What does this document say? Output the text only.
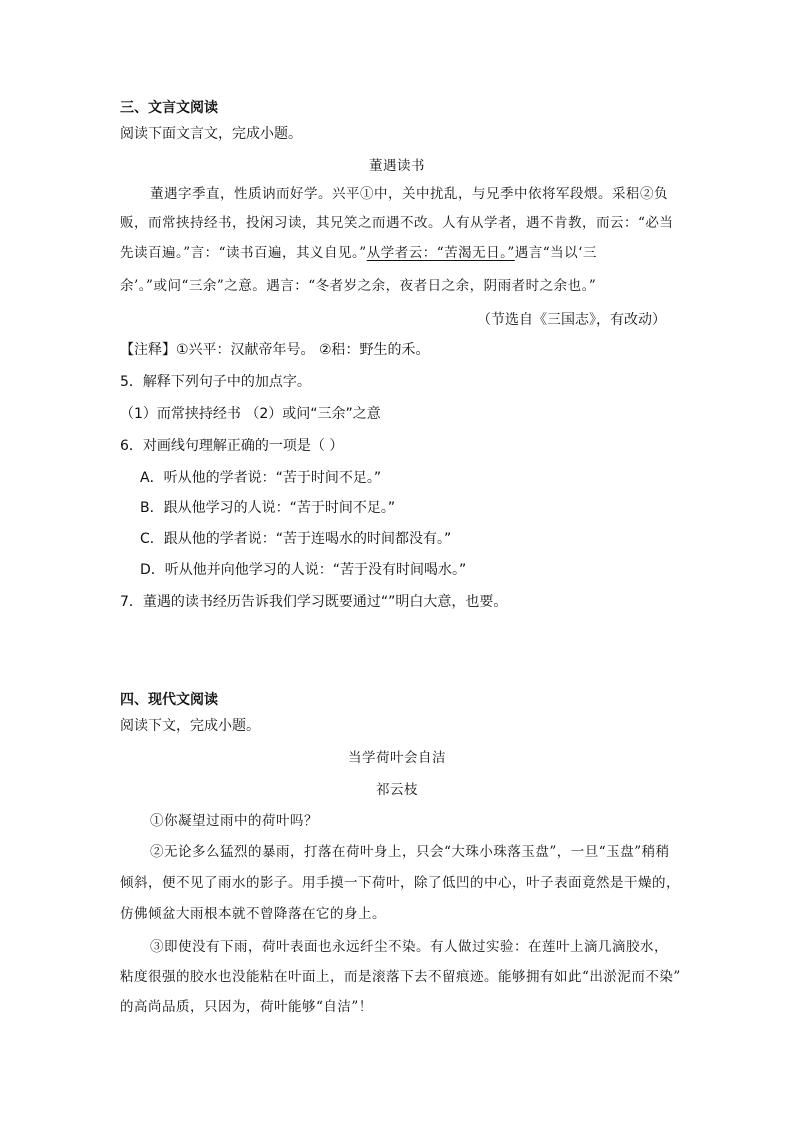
三、文言文阅读
阅读下面文言文，完成小题。
董遇读书
董遇字季直，性质讷而好学。兴平①中，关中扰乱，与兄季中依将军段煨。采稆②负
贩，而常挟持经书，投闲习读，其兄笑之而遇不改。人有从学者，遇不肯教，而云：“必当
先读百遍。”言：“读书百遍，其义自见。”从学者云：“苦渴无日。”遇言“当以‘三
余’。”或问“三余”之意。遇言：“冬者岁之余，夜者日之余，阴雨者时之余也。”
（节选自《三国志》，有改动）
【注释】①兴平：汉献帝年号。 ②稆：野生的禾。
5．解释下列句子中的加点字。
（1）而常挟持经书 （2）或问“三余”之意
6．对画线句理解正确的一项是（ ）
A．听从他的学者说：“苦于时间不足。”
B．跟从他学习的人说：“苦于时间不足。”
C．跟从他的学者说：“苦于连喝水的时间都没有。”
D．听从他并向他学习的人说：“苦于没有时间喝水。”
7．董遇的读书经历告诉我们学习既要通过“”明白大意，也要。
四、现代文阅读
阅读下文，完成小题。
当学荷叶会自洁
祁云枝
①你凝望过雨中的荷叶吗？
②无论多么猛烈的暴雨，打落在荷叶身上，只会“大珠小珠落玉盘”，一旦“玉盘”稍稍
倾斜，便不见了雨水的影子。用手摸一下荷叶，除了低凹的中心，叶子表面竟然是干燥的，
仿佛倾盆大雨根本就不曾降落在它的身上。
③即使没有下雨，荷叶表面也永远纤尘不染。有人做过实验：在莲叶上滴几滴胶水，
粘度很强的胶水也没能粘在叶面上，而是滚落下去不留痕迹。能够拥有如此“出淤泥而不染”
的高尚品质，只因为，荷叶能够“自洁”！
